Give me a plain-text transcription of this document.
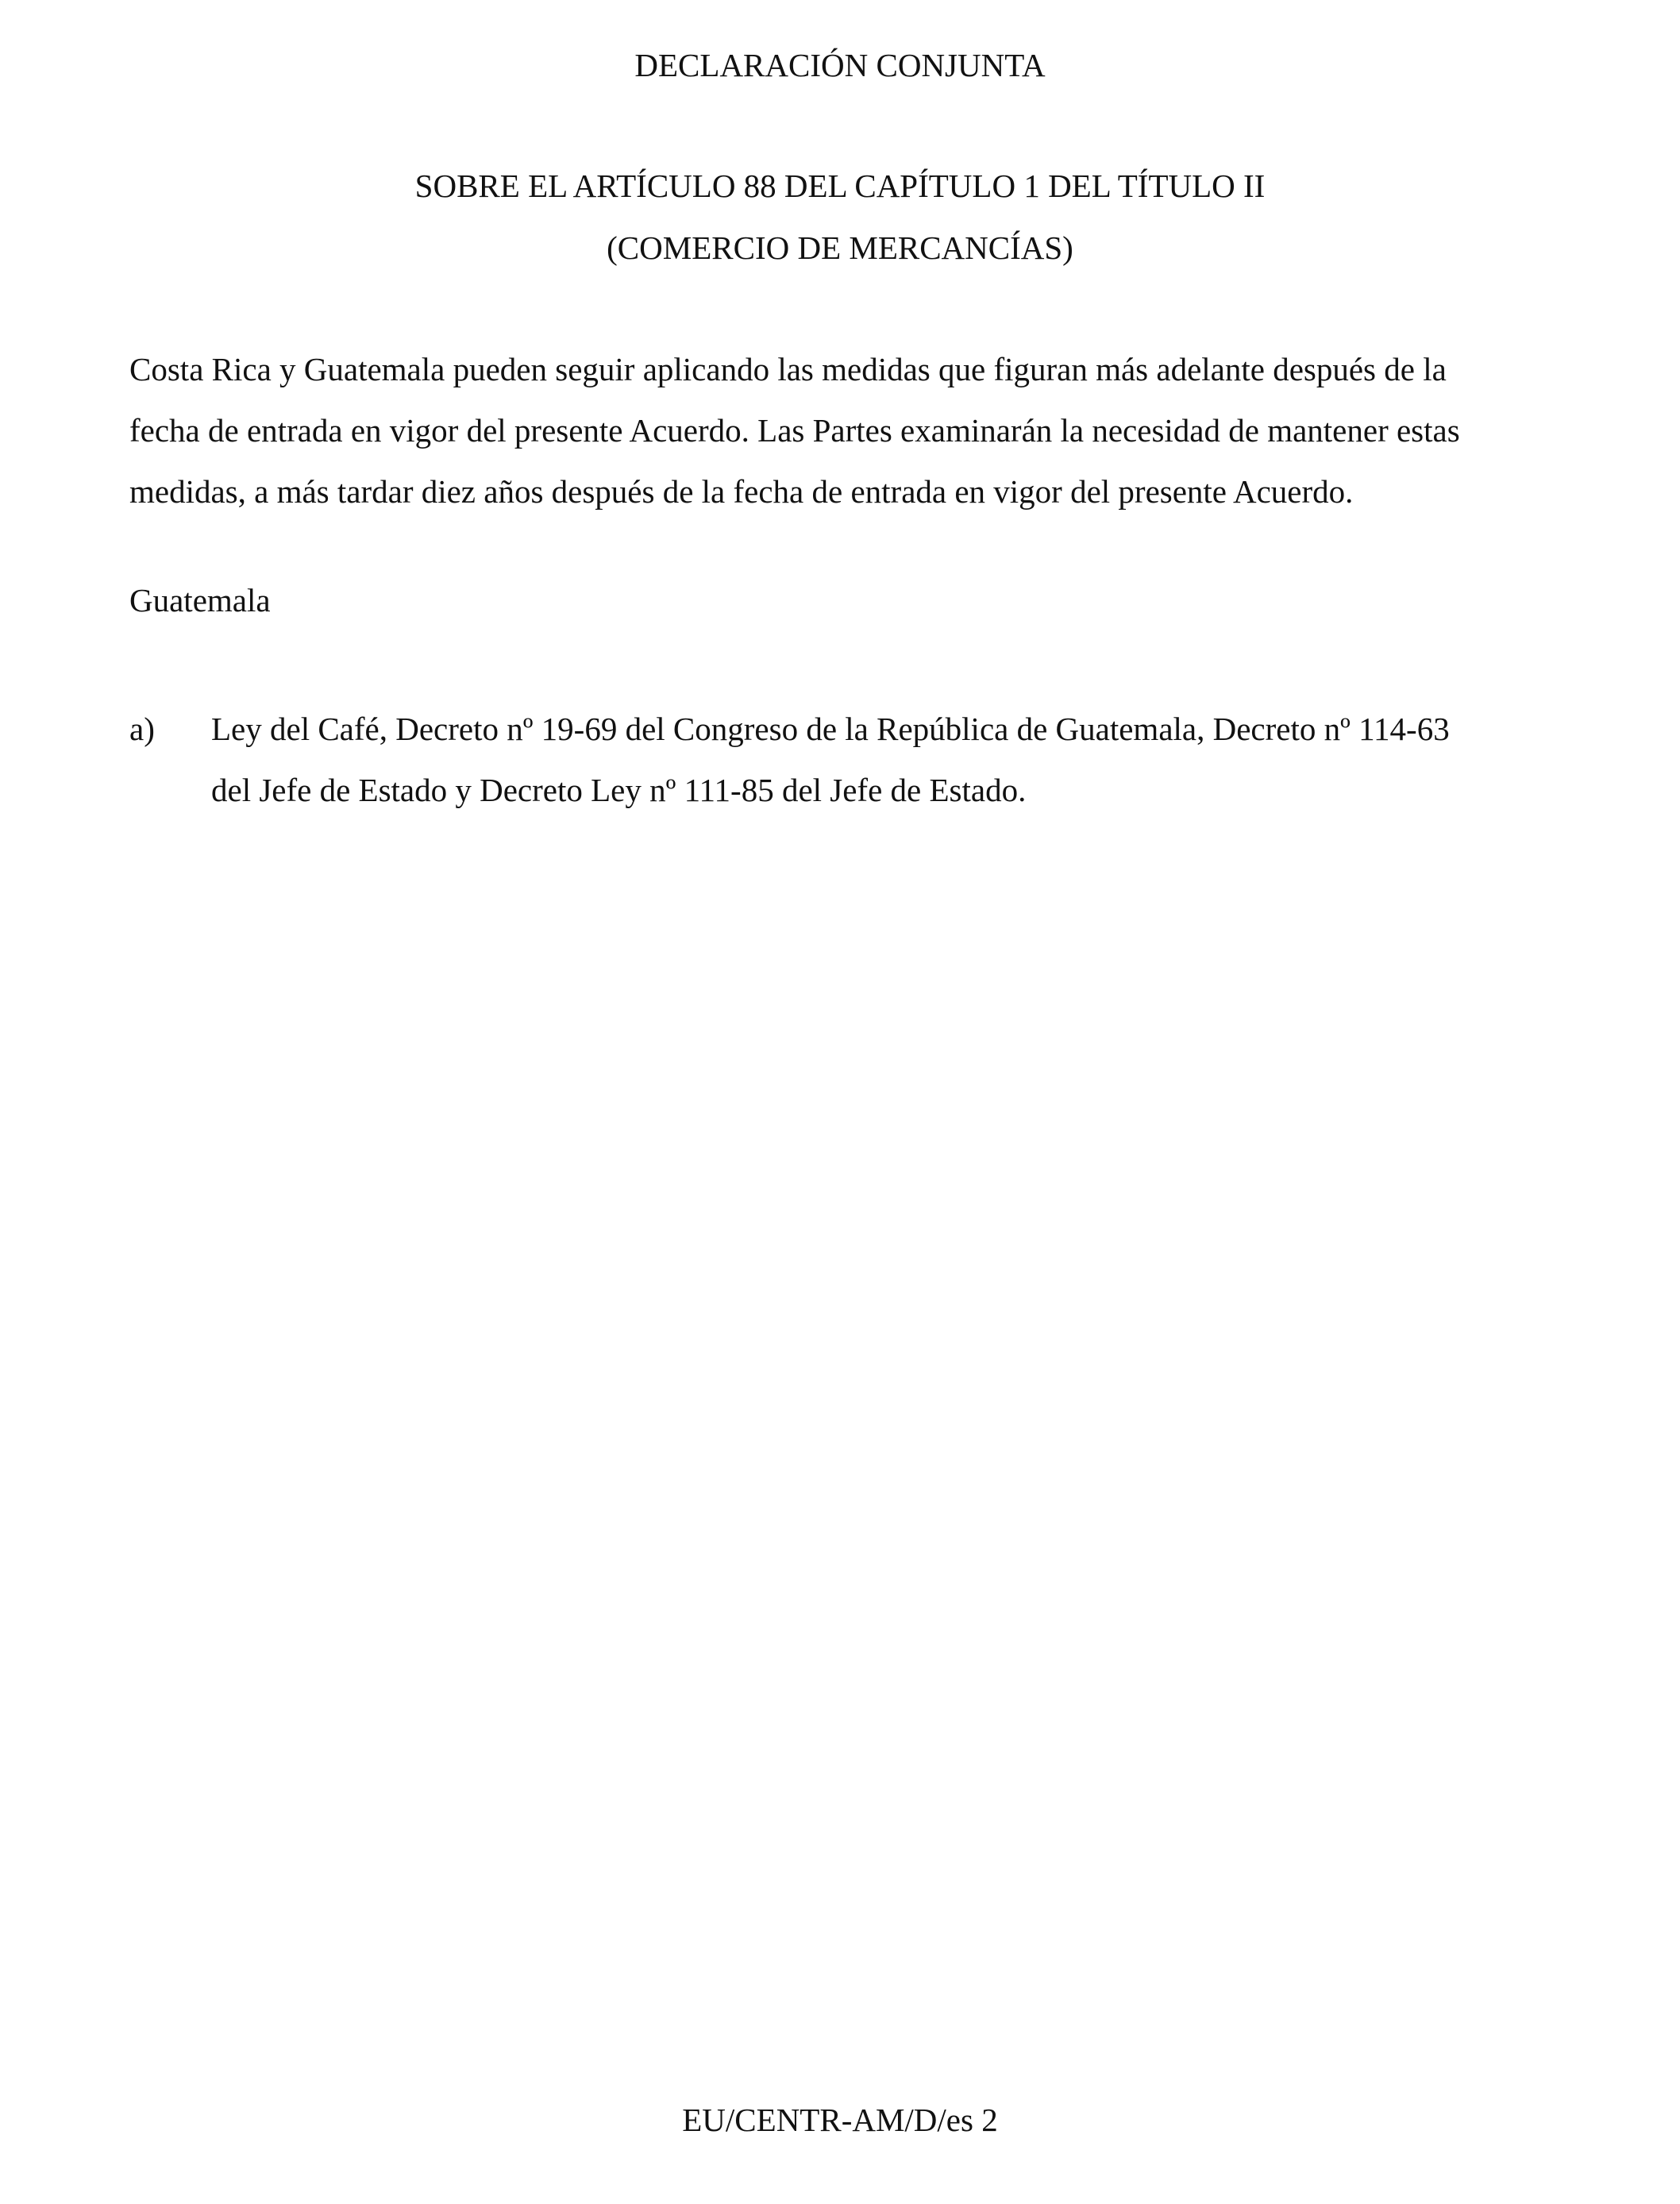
DECLARACIÓN CONJUNTA
SOBRE EL ARTÍCULO 88 DEL CAPÍTULO 1 DEL TÍTULO II
(COMERCIO DE MERCANCÍAS)

Costa Rica y Guatemala pueden seguir aplicando las medidas que figuran más adelante después de la
fecha de entrada en vigor del presente Acuerdo. Las Partes examinarán la necesidad de mantener estas
medidas, a más tardar diez años después de la fecha de entrada en vigor del presente Acuerdo.

Guatemala
a) Ley del Café, Decreto nº 19-69 del Congreso de la República de Guatemala, Decreto nº 114-63
del Jefe de Estado y Decreto Ley nº 111-85 del Jefe de Estado.
EU/CENTR-AM/D/es 2
